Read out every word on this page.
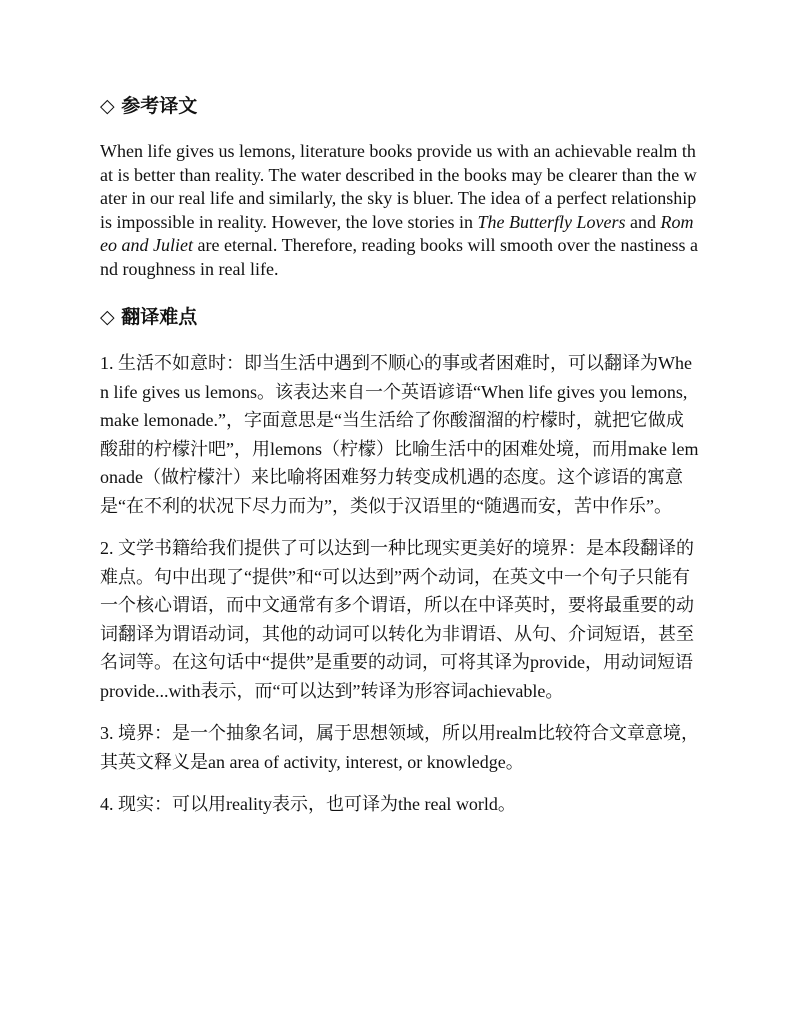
◇ 参考译文

When life gives us lemons, literature books provide us with an achievable realm that is better than reality. The water described in the books may be clearer than the water in our real life and similarly, the sky is bluer. The idea of a perfect relationship is impossible in reality. However, the love stories in The Butterfly Lovers and Romeo and Juliet are eternal. Therefore, reading books will smooth over the nastiness and roughness in real life.

◇ 翻译难点

1. 生活不如意时：即当生活中遇到不顺心的事或者困难时，可以翻译为When life gives us lemons。该表达来自一个英语谚语“When life gives you lemons, make lemonade.”，字面意思是“当生活给了你酸溜溜的柠檬时，就把它做成酸甜的柠檬汁吧”，用lemons（柠檬）比喻生活中的困难处境，而用make lemonade（做柠檬汁）来比喻将困难努力转变成机遇的态度。这个谚语的寓意是“在不利的状况下尽力而为”，类似于汉语里的“随遇而安，苦中作乐”。

2. 文学书籍给我们提供了可以达到一种比现实更美好的境界：是本段翻译的难点。句中出现了“提供”和“可以达到”两个动词，在英文中一个句子只能有一个核心谓语，而中文通常有多个谓语，所以在中译英时，要将最重要的动词翻译为谓语动词，其他的动词可以转化为非谓语、从句、介词短语，甚至名词等。在这句话中“提供”是重要的动词，可将其译为provide，用动词短语provide...with表示，而“可以达到”转译为形容词achievable。

3. 境界：是一个抽象名词，属于思想领域，所以用realm比较符合文章意境，其英文释义是an area of activity, interest, or knowledge。

4. 现实：可以用reality表示，也可译为the real world。
